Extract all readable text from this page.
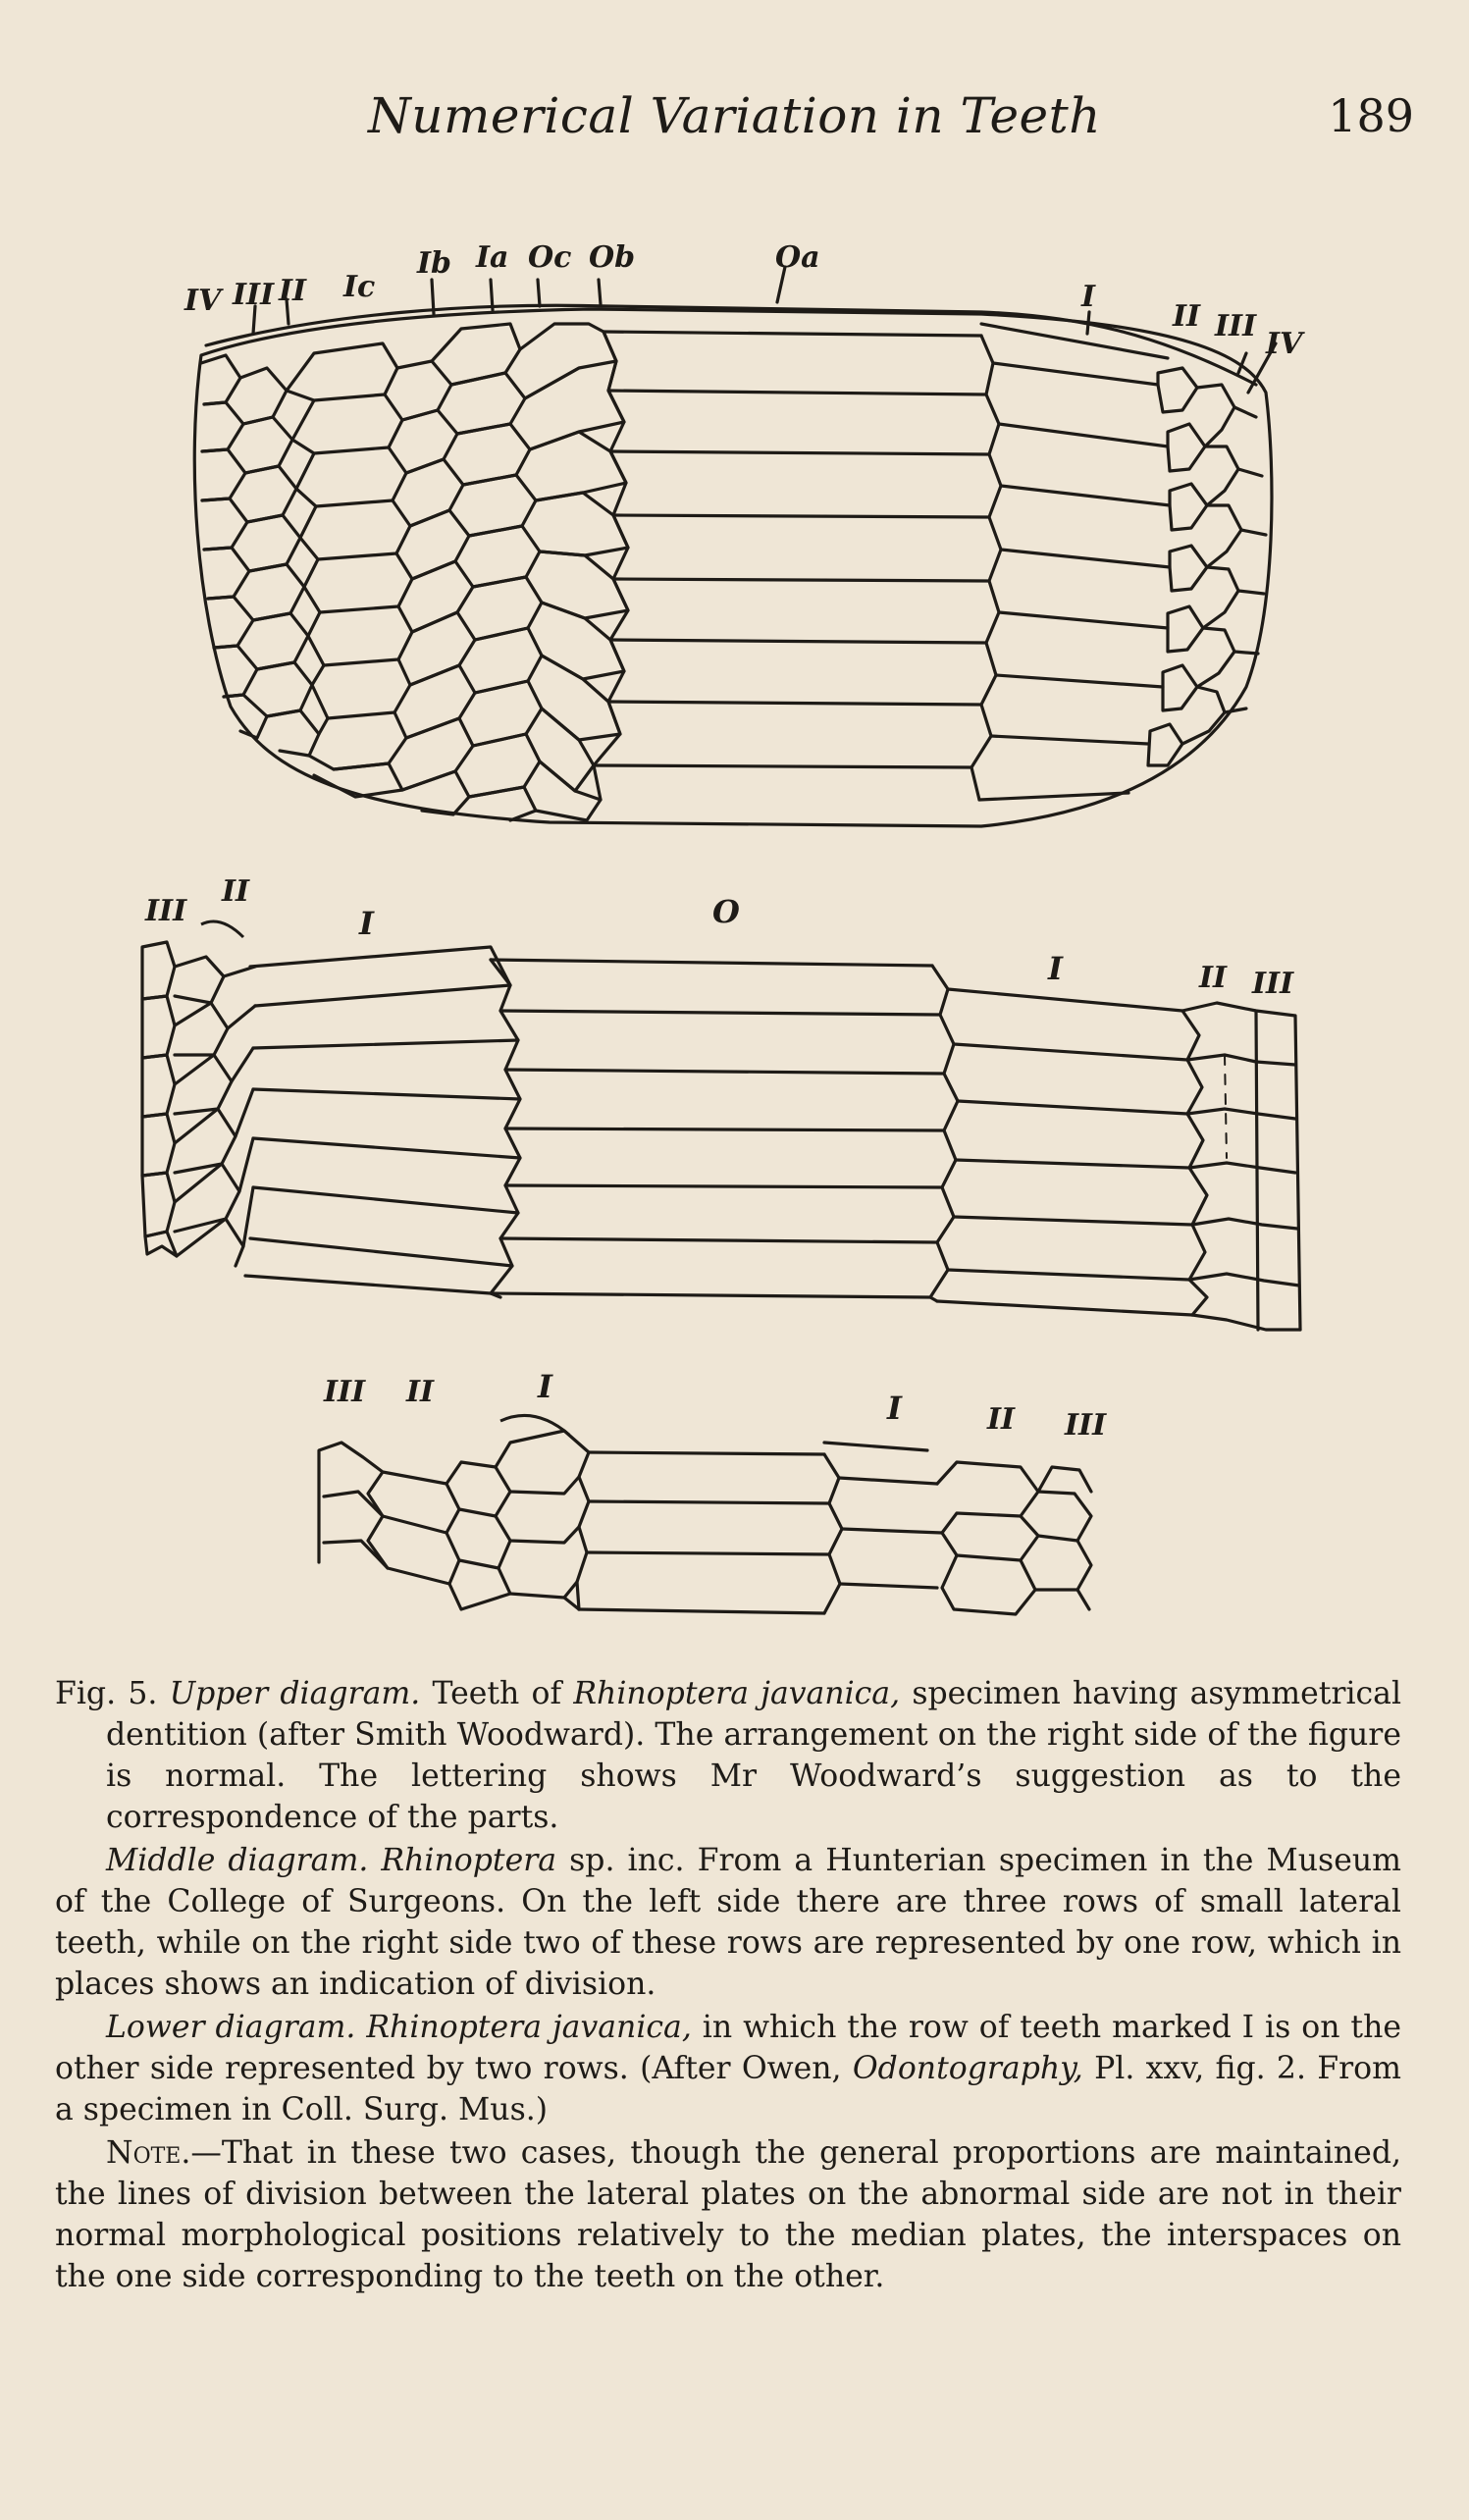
Numerical Variation in Teeth	189
IV III II Ic
Ib Ia Oc Ob	Oa
I
II III
IV
III
II
I	O
I	II III
III II	I
I	II III

Fig. 5. Upper diagram. Teeth of Rhinoptera javanica, specimen having asymmetrical dentition (after Smith Woodward). The arrangement on the right side of the figure is normal. The lettering shows Mr Woodward’s suggestion as to the correspondence of the parts.

Middle diagram. Rhinoptera sp. inc. From a Hunterian specimen in the Museum of the College of Surgeons. On the left side there are three rows of small lateral teeth, while on the right side two of these rows are represented by one row, which in places shows an indication of division.

Lower diagram. Rhinoptera javanica, in which the row of teeth marked I is on the other side represented by two rows. (After Owen, Odontography, Pl. xxv, fig. 2. From a specimen in Coll. Surg. Mus.)

Note.—That in these two cases, though the general proportions are maintained, the lines of division between the lateral plates on the abnormal side are not in their normal morphological positions relatively to the median plates, the interspaces on the one side corresponding to the teeth on the other.
